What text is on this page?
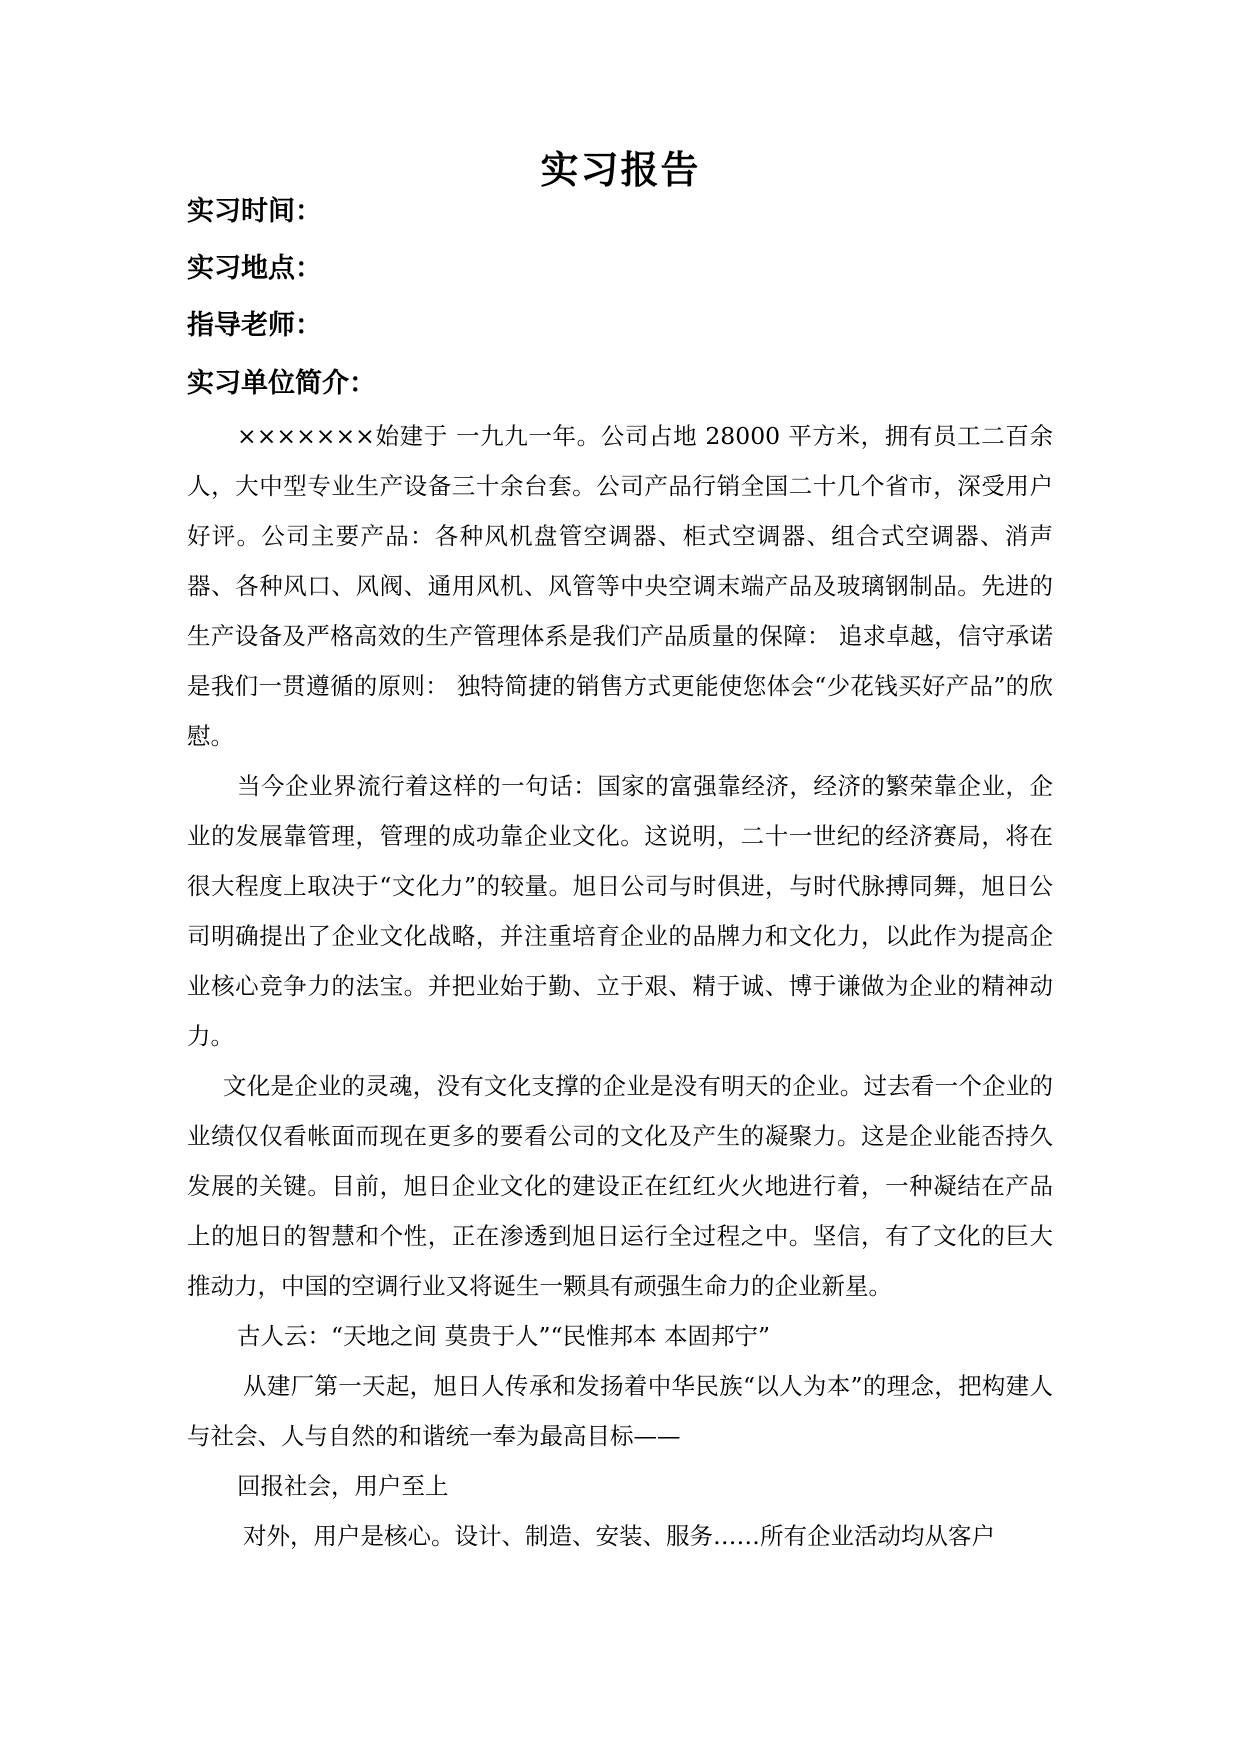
实习报告
实习时间：
实习地点：
指导老师：
实习单位简介：

×××××××始建于 一九九一年。公司占地 28000 平方米，拥有员工二百余人，大中型专业生产设备三十余台套。公司产品行销全国二十几个省市，深受用户好评。公司主要产品：各种风机盘管空调器、柜式空调器、组合式空调器、消声 器、各种风口、风阀、通用风机、风管等中央空调末端产品及玻璃钢制品。先进的生产设备及严格高效的生产管理体系是我们产品质量的保障： 追求卓越，信守承诺是我们一贯遵循的原则： 独特简捷的销售方式更能使您体会“少花钱买好产品”的欣慰。

当今企业界流行着这样的一句话：国家的富强靠经济，经济的繁荣靠企业，企业的发展靠管理，管理的成功靠企业文化。这说明，二十一世纪的经济赛局，将在很大程度上取决于“文化力”的较量。旭日公司与时俱进，与时代脉搏同舞，旭日公司明确提出了企业文化战略，并注重培育企业的品牌力和文化力，以此作为提高企业核心竞争力的法宝。并把业始于勤、立于艰、精于诚、博于谦做为企业的精神动力。

文化是企业的灵魂，没有文化支撑的企业是没有明天的企业。过去看一个企业的业绩仅仅看帐面而现在更多的要看公司的文化及产生的凝聚力。这是企业能否持久发展的关键。目前，旭日企业文化的建设正在红红火火地进行着，一种凝结在产品上的旭日的智慧和个性，正在渗透到旭日运行全过程之中。坚信，有了文化的巨大推动力，中国的空调行业又将诞生一颗具有顽强生命力的企业新星。

古人云：“天地之间 莫贵于人”“民惟邦本 本固邦宁”

从建厂第一天起，旭日人传承和发扬着中华民族“以人为本”的理念，把构建人与社会、人与自然的和谐统一奉为最高目标——

回报社会，用户至上

对外，用户是核心。设计、制造、安装、服务……所有企业活动均从客户
